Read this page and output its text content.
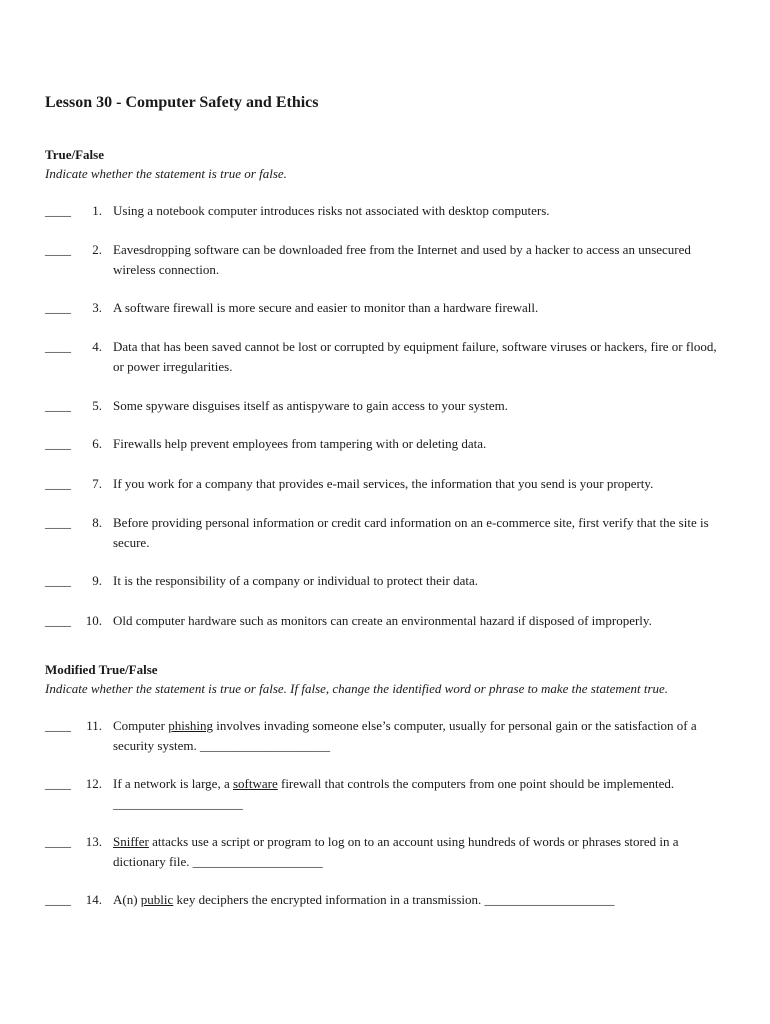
Lesson 30 - Computer Safety and Ethics
True/False
Indicate whether the statement is true or false.
____	1. Using a notebook computer introduces risks not associated with desktop computers.
____	2. Eavesdropping software can be downloaded free from the Internet and used by a hacker to access an unsecured wireless connection.
____	3. A software firewall is more secure and easier to monitor than a hardware firewall.
____	4. Data that has been saved cannot be lost or corrupted by equipment failure, software viruses or hackers, fire or flood, or power irregularities.
____	5. Some spyware disguises itself as antispyware to gain access to your system.
____	6. Firewalls help prevent employees from tampering with or deleting data.
____	7. If you work for a company that provides e-mail services, the information that you send is your property.
____	8. Before providing personal information or credit card information on an e-commerce site, first verify that the site is secure.
____	9. It is the responsibility of a company or individual to protect their data.
____	10. Old computer hardware such as monitors can create an environmental hazard if disposed of improperly.
Modified True/False
Indicate whether the statement is true or false. If false, change the identified word or phrase to make the statement true.
____	11. Computer phishing involves invading someone else’s computer, usually for personal gain or the satisfaction of a security system. ____________________
____	12. If a network is large, a software firewall that controls the computers from one point should be implemented. ____________________
____	13. Sniffer attacks use a script or program to log on to an account using hundreds of words or phrases stored in a dictionary file. ____________________
____	14. A(n) public key deciphers the encrypted information in a transmission. ____________________
